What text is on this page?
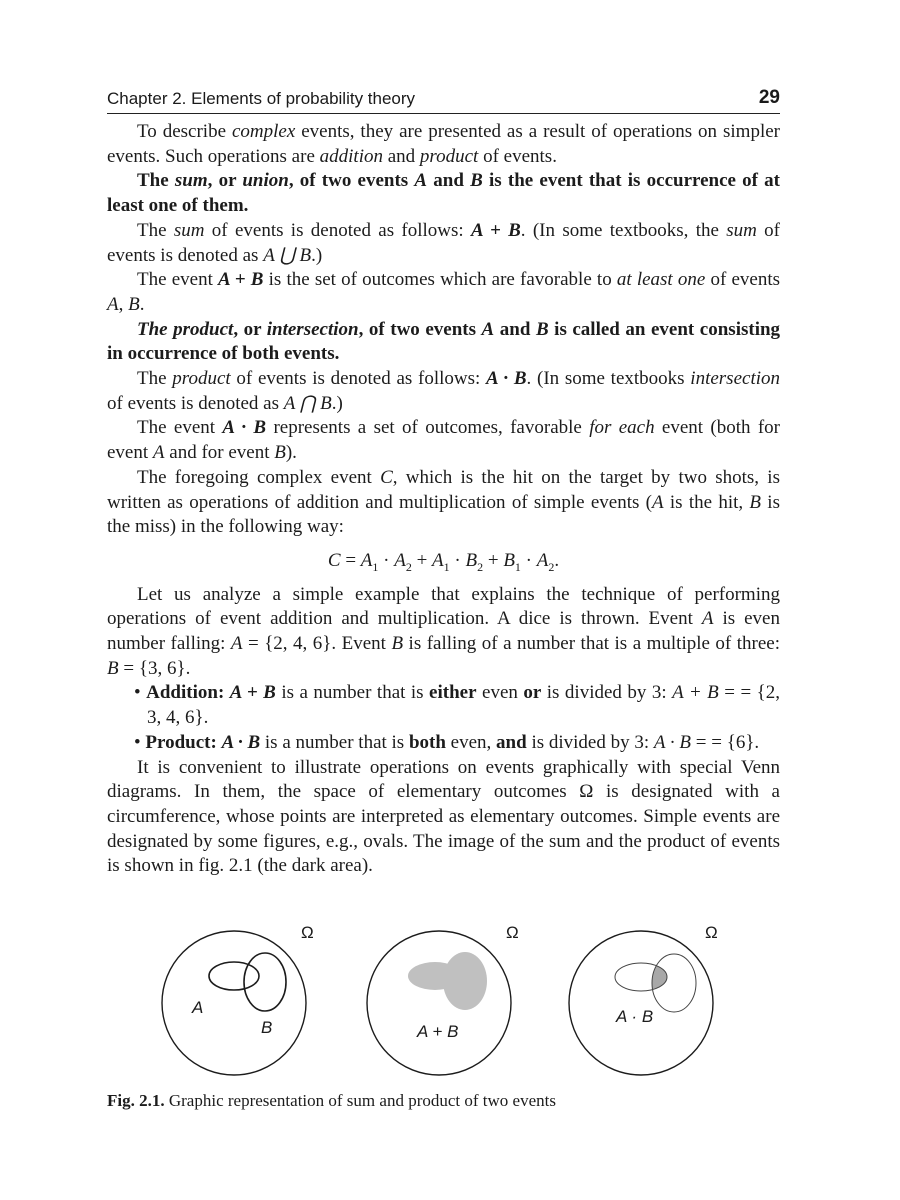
Chapter 2. Elements of probability theory	29

To describe complex events, they are presented as a result of operations on simpler events. Such operations are addition and product of events.

The sum, or union, of two events A and B is the event that is occurrence of at least one of them.

The sum of events is denoted as follows: A + B. (In some textbooks, the sum of events is denoted as A ⋃ B.)

The event A + B is the set of outcomes which are favorable to at least one of events A, B.

The product, or intersection, of two events A and B is called an event consisting in occurrence of both events.

The product of events is denoted as follows: A · B. (In some textbooks intersection of events is denoted as A ⋂ B.)

The event A · B represents a set of outcomes, favorable for each event (both for event A and for event B).

The foregoing complex event C, which is the hit on the target by two shots, is written as operations of addition and multiplication of simple events (A is the hit, B is the miss) in the following way:

$C = A_1 \cdot A_2 + A_1 \cdot B_2 + B_1 \cdot A_2$.

Let us analyze a simple example that explains the technique of performing operations of event addition and multiplication. A dice is thrown. Event A is even number falling: A = {2, 4, 6}. Event B is falling of a number that is a multiple of three: B = {3, 6}.

• Addition: A + B is a number that is either even or is divided by 3: A + B = = {2, 3, 4, 6}.

• Product: A · B is a number that is both even, and is divided by 3: A · B = = {6}.

It is convenient to illustrate operations on events graphically with special Venn diagrams. In them, the space of elementary outcomes Ω is designated with a circumference, whose points are interpreted as elementary outcomes. Simple events are designated by some figures, e.g., ovals. The image of the sum and the product of events is shown in fig. 2.1 (the dark area).

Ω
A
B
Ω
A + B
Ω
A · B
Fig. 2.1. Graphic representation of sum and product of two events
